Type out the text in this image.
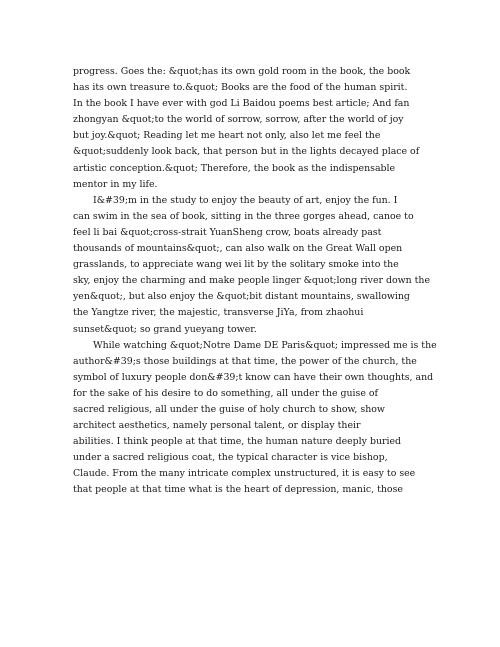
progress. Goes the: &quot;has its own gold room in the book, the book
has its own treasure to.&quot; Books are the food of the human spirit.
In the book I have ever with god Li Baidou poems best article; And fan
zhongyan &quot;to the world of sorrow, sorrow, after the world of joy
but joy.&quot; Reading let me heart not only, also let me feel the
&quot;suddenly look back, that person but in the lights decayed place of
artistic conception.&quot; Therefore, the book as the indispensable
mentor in my life.
I&#39;m in the study to enjoy the beauty of art, enjoy the fun. I
can swim in the sea of book, sitting in the three gorges ahead, canoe to
feel li bai &quot;cross-strait YuanSheng crow, boats already past
thousands of mountains&quot;, can also walk on the Great Wall open
grasslands, to appreciate wang wei lit by the solitary smoke into the
sky, enjoy the charming and make people linger &quot;long river down the
yen&quot;, but also enjoy the &quot;bit distant mountains, swallowing
the Yangtze river, the majestic, transverse JiYa, from zhaohui
sunset&quot; so grand yueyang tower.
While watching &quot;Notre Dame DE Paris&quot; impressed me is the
author&#39;s those buildings at that time, the power of the church, the
symbol of luxury people don&#39;t know can have their own thoughts, and
for the sake of his desire to do something, all under the guise of
sacred religious, all under the guise of holy church to show, show
architect aesthetics, namely personal talent, or display their
abilities. I think people at that time, the human nature deeply buried
under a sacred religious coat, the typical character is vice bishop,
Claude. From the many intricate complex unstructured, it is easy to see
that people at that time what is the heart of depression, manic, those
